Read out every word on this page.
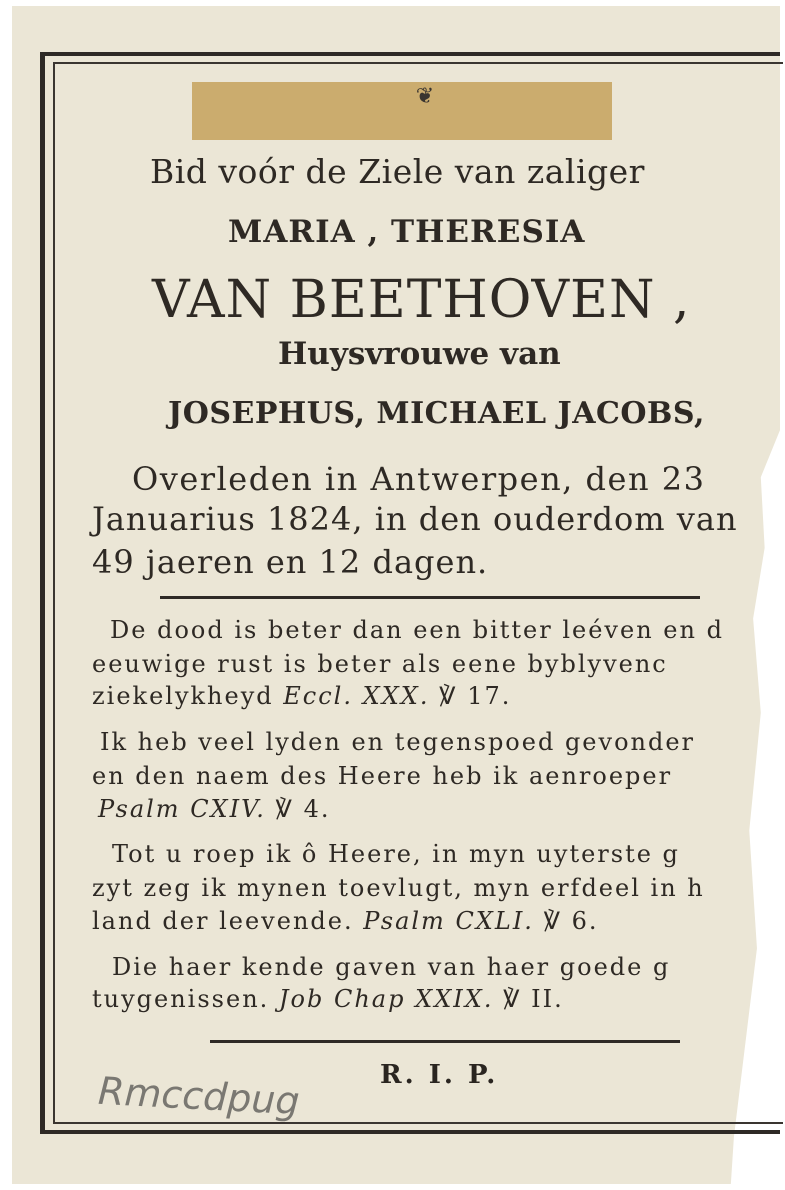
❦
Bid voór de Ziele van zaliger
MARIA , THERESIA
VAN BEETHOVEN ,
Huysvrouwe van
JOSEPHUS, MICHAEL JACOBS,
Overleden in Antwerpen, den 23
Januarius 1824, in den ouderdom van
49 jaeren en 12 dagen.
De dood is beter dan een bitter leéven en d
eeuwige rust is beter als eene byblyvenc
ziekelykheyd Eccl. XXX. ℣ 17.
Ik heb veel lyden en tegenspoed gevonder
en den naem des Heere heb ik aenroeper
Psalm CXIV. ℣ 4.
Tot u roep ik ô Heere, in myn uyterste g
zyt zeg ik mynen toevlugt, myn erfdeel in h
land der leevende. Psalm CXLI. ℣ 6.
Die haer kende gaven van haer goede g
tuygenissen. Job Chap XXIX. ℣ II.
R. I. P.
Rmccdpug
